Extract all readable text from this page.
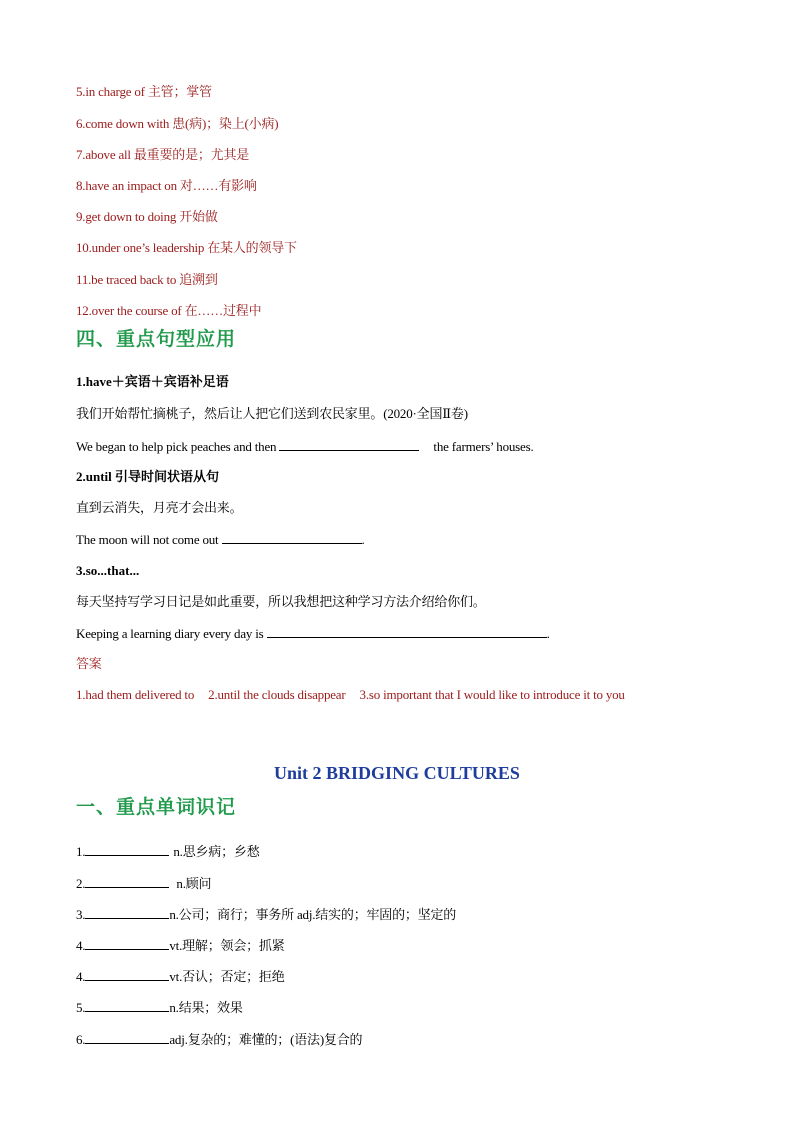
5.in charge of 主管；掌管
6.come down with 患(病)；染上(小病)
7.above all 最重要的是；尤其是
8.have an impact on 对……有影响
9.get down to doing 开始做
10.under one’s leadership 在某人的领导下
11.be traced back to 追溯到
12.over the course of 在……过程中
四、重点句型应用
1.have＋宾语＋宾语补足语
我们开始帮忙摘桃子，然后让人把它们送到农民家里。(2020·全国Ⅱ卷)
We began to help pick peaches and then	the farmers’ houses.
2.until 引导时间状语从句
直到云消失，月亮才会出来。
The moon will not come out	.
3.so...that...
每天坚持写学习日记是如此重要，所以我想把这种学习方法介绍给你们。
Keeping a learning diary every day is	.
答案
1.had them delivered to 2.until the clouds disappear 3.so important that I would like to introduce it to you
Unit 2 BRIDGING CULTURES
一、重点单词识记
1.	n.思乡病；乡愁
2.	n.顾问
3.	n.公司；商行；事务所 adj.结实的；牢固的；坚定的
4.	vt.理解；领会；抓紧
4.	vt.否认；否定；拒绝
5.	n.结果；效果
6.	adj.复杂的；难懂的；(语法)复合的
